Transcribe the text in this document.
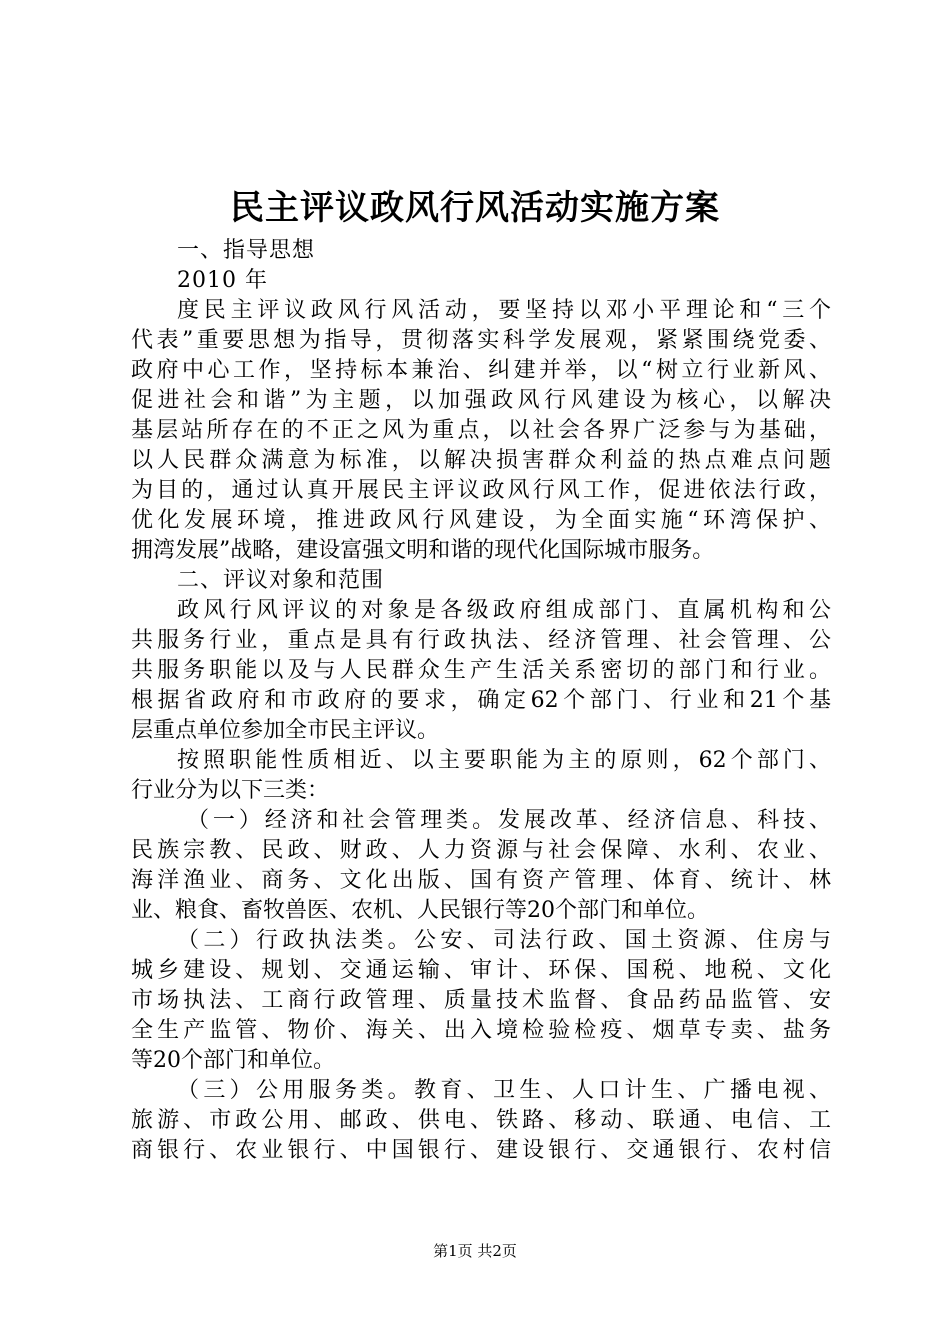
民主评议政风行风活动实施方案
一、指导思想
2010 年
度民主评议政风行风活动，要坚持以邓小平理论和“三个
代表”重要思想为指导，贯彻落实科学发展观，紧紧围绕党委、
政府中心工作，坚持标本兼治、纠建并举，以“树立行业新风、
促进社会和谐”为主题，以加强政风行风建设为核心，以解决
基层站所存在的不正之风为重点，以社会各界广泛参与为基础，
以人民群众满意为标准，以解决损害群众利益的热点难点问题
为目的，通过认真开展民主评议政风行风工作，促进依法行政，
优化发展环境，推进政风行风建设，为全面实施“环湾保护、
拥湾发展”战略，建设富强文明和谐的现代化国际城市服务。
二、评议对象和范围
政风行风评议的对象是各级政府组成部门、直属机构和公
共服务行业，重点是具有行政执法、经济管理、社会管理、公
共服务职能以及与人民群众生产生活关系密切的部门和行业。
根据省政府和市政府的要求，确定62个部门、行业和21个基
层重点单位参加全市民主评议。
按照职能性质相近、以主要职能为主的原则，62个部门、
行业分为以下三类：
（一）经济和社会管理类。发展改革、经济信息、科技、
民族宗教、民政、财政、人力资源与社会保障、水利、农业、
海洋渔业、商务、文化出版、国有资产管理、体育、统计、林
业、粮食、畜牧兽医、农机、人民银行等20个部门和单位。
（二）行政执法类。公安、司法行政、国土资源、住房与
城乡建设、规划、交通运输、审计、环保、国税、地税、文化
市场执法、工商行政管理、质量技术监督、食品药品监管、安
全生产监管、物价、海关、出入境检验检疫、烟草专卖、盐务
等20个部门和单位。
（三）公用服务类。教育、卫生、人口计生、广播电视、
旅游、市政公用、邮政、供电、铁路、移动、联通、电信、工
商银行、农业银行、中国银行、建设银行、交通银行、农村信
第1页 共2页
